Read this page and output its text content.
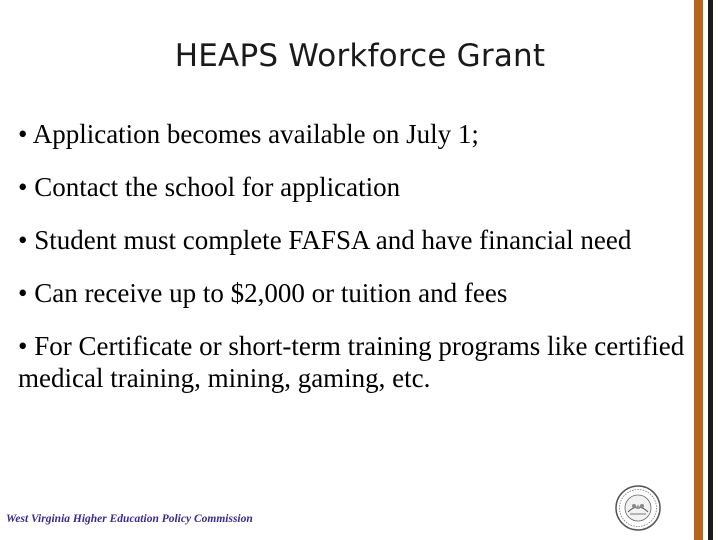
HEAPS Workforce Grant
• Application becomes available on July 1;
• Contact the school for application
• Student must complete FAFSA and have financial need
• Can receive up to $2,000 or tuition and fees
• For Certificate or short-term training programs like certified medical training, mining, gaming, etc.
West Virginia Higher Education Policy Commission
